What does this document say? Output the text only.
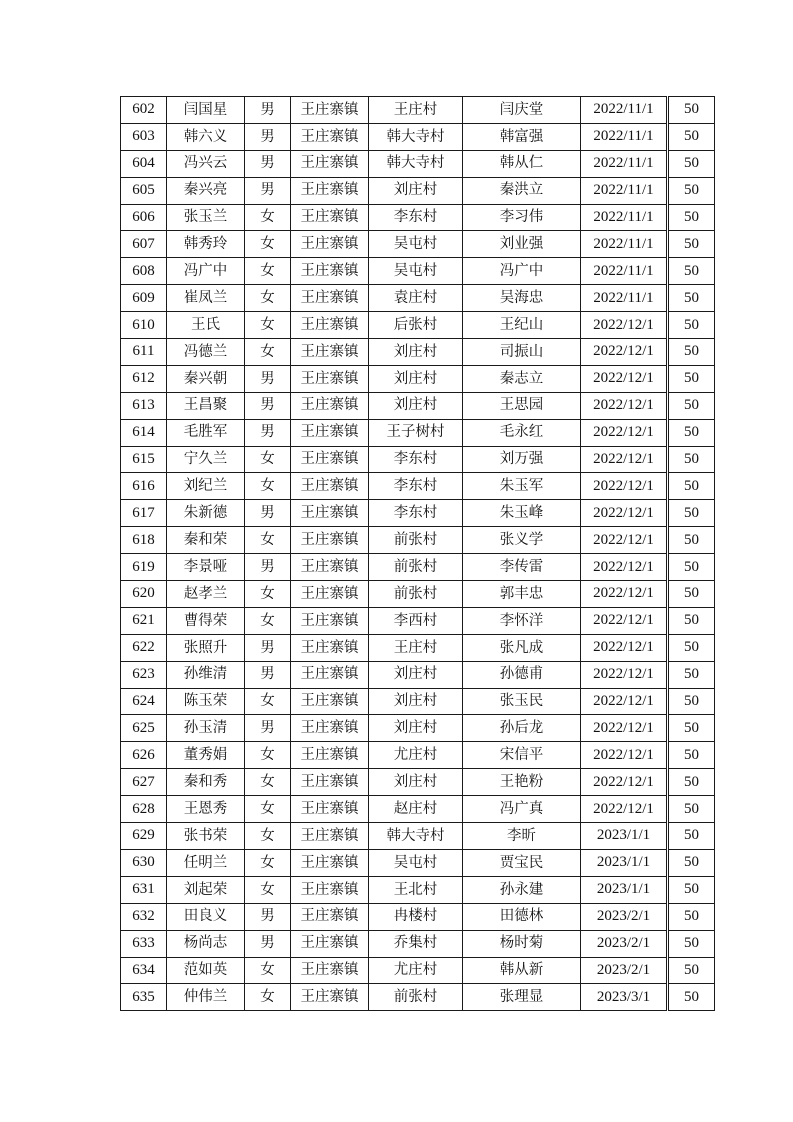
602	闫国星	男	王庄寨镇	王庄村	闫庆堂	2022/11/1		50
603	韩六义	男	王庄寨镇	韩大寺村	韩富强	2022/11/1		50
604	冯兴云	男	王庄寨镇	韩大寺村	韩从仁	2022/11/1		50
605	秦兴亮	男	王庄寨镇	刘庄村	秦洪立	2022/11/1		50
606	张玉兰	女	王庄寨镇	李东村	李习伟	2022/11/1		50
607	韩秀玲	女	王庄寨镇	吴屯村	刘业强	2022/11/1		50
608	冯广中	女	王庄寨镇	吴屯村	冯广中	2022/11/1		50
609	崔凤兰	女	王庄寨镇	袁庄村	吴海忠	2022/11/1		50
610	王氏	女	王庄寨镇	后张村	王纪山	2022/12/1		50
611	冯德兰	女	王庄寨镇	刘庄村	司振山	2022/12/1		50
612	秦兴朝	男	王庄寨镇	刘庄村	秦志立	2022/12/1		50
613	王昌聚	男	王庄寨镇	刘庄村	王思园	2022/12/1		50
614	毛胜军	男	王庄寨镇	王子树村	毛永红	2022/12/1		50
615	宁久兰	女	王庄寨镇	李东村	刘万强	2022/12/1		50
616	刘纪兰	女	王庄寨镇	李东村	朱玉军	2022/12/1		50
617	朱新德	男	王庄寨镇	李东村	朱玉峰	2022/12/1		50
618	秦和荣	女	王庄寨镇	前张村	张义学	2022/12/1		50
619	李景哑	男	王庄寨镇	前张村	李传雷	2022/12/1		50
620	赵孝兰	女	王庄寨镇	前张村	郭丰忠	2022/12/1		50
621	曹得荣	女	王庄寨镇	李西村	李怀洋	2022/12/1		50
622	张照升	男	王庄寨镇	王庄村	张凡成	2022/12/1		50
623	孙维清	男	王庄寨镇	刘庄村	孙德甫	2022/12/1		50
624	陈玉荣	女	王庄寨镇	刘庄村	张玉民	2022/12/1		50
625	孙玉清	男	王庄寨镇	刘庄村	孙后龙	2022/12/1		50
626	董秀娟	女	王庄寨镇	尤庄村	宋信平	2022/12/1		50
627	秦和秀	女	王庄寨镇	刘庄村	王艳粉	2022/12/1		50
628	王恩秀	女	王庄寨镇	赵庄村	冯广真	2022/12/1		50
629	张书荣	女	王庄寨镇	韩大寺村	李昕	2023/1/1		50
630	任明兰	女	王庄寨镇	吴屯村	贾宝民	2023/1/1		50
631	刘起荣	女	王庄寨镇	王北村	孙永建	2023/1/1		50
632	田良义	男	王庄寨镇	冉楼村	田德林	2023/2/1		50
633	杨尚志	男	王庄寨镇	乔集村	杨时菊	2023/2/1		50
634	范如英	女	王庄寨镇	尤庄村	韩从新	2023/2/1		50
635	仲伟兰	女	王庄寨镇	前张村	张理显	2023/3/1		50
